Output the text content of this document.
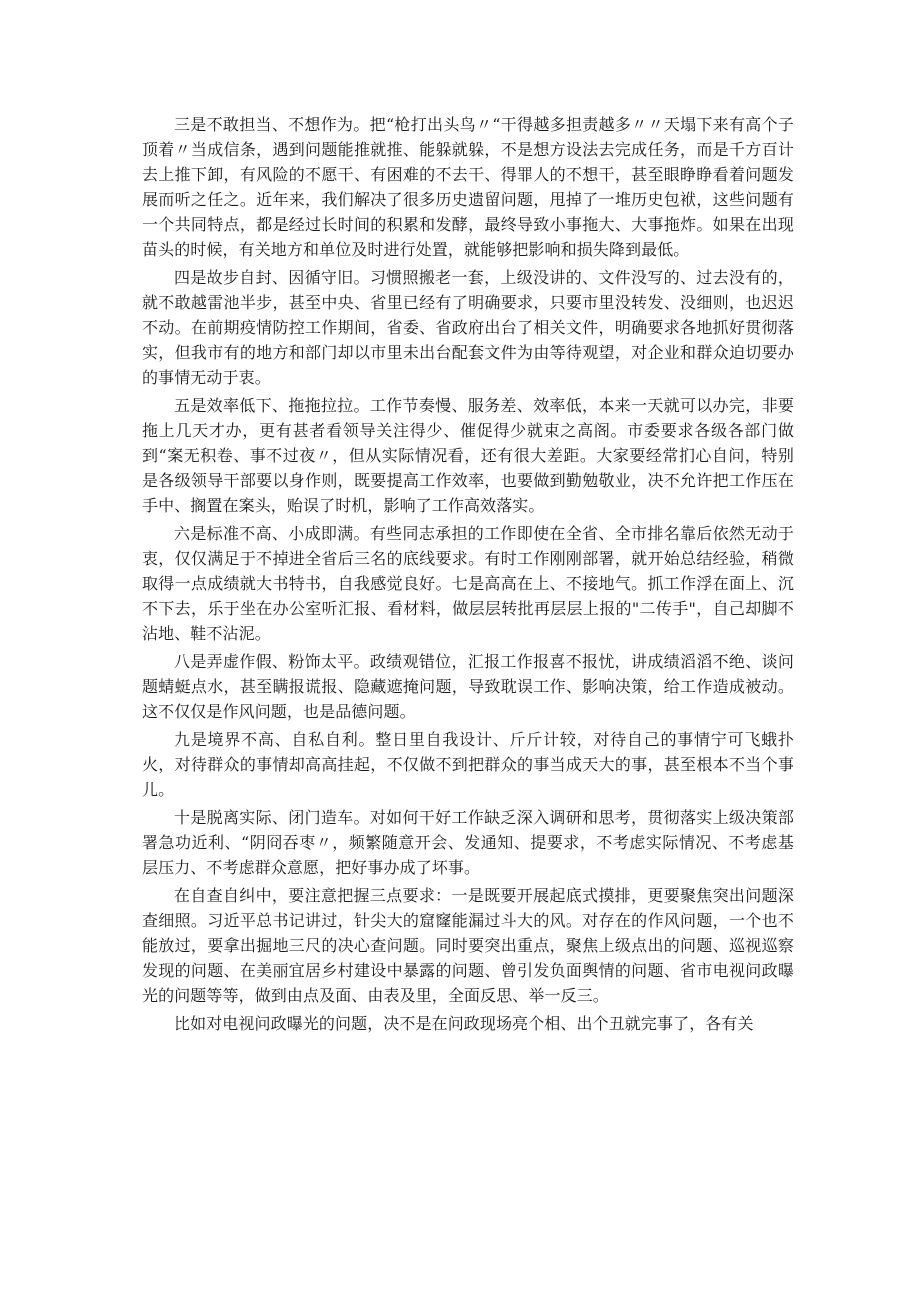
三是不敢担当、不想作为。把“枪打出头鸟〃“干得越多担责越多〃〃天塌下来有高个子顶着〃当成信条，遇到问题能推就推、能躲就躲，不是想方设法去完成任务，而是千方百计去上推下卸，有风险的不愿干、有困难的不去干、得罪人的不想干，甚至眼睁睁看着问题发展而听之任之。近年来，我们解决了很多历史遗留问题，甩掉了一堆历史包袱，这些问题有一个共同特点，都是经过长时间的积累和发酵，最终导致小事拖大、大事拖炸。如果在出现苗头的时候，有关地方和单位及时进行处置，就能够把影响和损失降到最低。

四是故步自封、因循守旧。习惯照搬老一套，上级没讲的、文件没写的、过去没有的，就不敢越雷池半步，甚至中央、省里已经有了明确要求，只要市里没转发、没细则，也迟迟不动。在前期疫情防控工作期间，省委、省政府出台了相关文件，明确要求各地抓好贯彻落实，但我市有的地方和部门却以市里未出台配套文件为由等待观望，对企业和群众迫切要办的事情无动于衷。

五是效率低下、拖拖拉拉。工作节奏慢、服务差、效率低，本来一天就可以办完，非要拖上几天才办，更有甚者看领导关注得少、催促得少就束之高阁。市委要求各级各部门做到“案无积卷、事不过夜〃，但从实际情况看，还有很大差距。大家要经常扪心自问，特别是各级领导干部要以身作则，既要提高工作效率，也要做到勤勉敬业，决不允许把工作压在手中、搁置在案头，贻误了时机，影响了工作高效落实。

六是标准不高、小成即满。有些同志承担的工作即使在全省、全市排名靠后依然无动于衷，仅仅满足于不掉进全省后三名的底线要求。有时工作刚刚部署，就开始总结经验，稍微取得一点成绩就大书特书，自我感觉良好。七是高高在上、不接地气。抓工作浮在面上、沉不下去，乐于坐在办公室听汇报、看材料，做层层转批再层层上报的"二传手"，自己却脚不沾地、鞋不沾泥。

八是弄虚作假、粉饰太平。政绩观错位，汇报工作报喜不报忧，讲成绩滔滔不绝、谈问题蜻蜓点水，甚至瞒报谎报、隐藏遮掩问题，导致耽误工作、影响决策，给工作造成被动。这不仅仅是作风问题，也是品德问题。

九是境界不高、自私自利。整日里自我设计、斤斤计较，对待自己的事情宁可飞蛾扑火，对待群众的事情却高高挂起，不仅做不到把群众的事当成天大的事，甚至根本不当个事儿。

十是脱离实际、闭门造车。对如何干好工作缺乏深入调研和思考，贯彻落实上级决策部署急功近利、“阴冏吞枣〃，频繁随意开会、发通知、提要求，不考虑实际情况、不考虑基层压力、不考虑群众意愿，把好事办成了坏事。

在自查自纠中，要注意把握三点要求：一是既要开展起底式摸排，更要聚焦突出问题深查细照。习近平总书记讲过，针尖大的窟窿能漏过斗大的风。对存在的作风问题，一个也不能放过，要拿出掘地三尺的决心查问题。同时要突出重点，聚焦上级点出的问题、巡视巡察发现的问题、在美丽宜居乡村建设中暴露的问题、曾引发负面舆情的问题、省市电视问政曝光的问题等等，做到由点及面、由表及里，全面反思、举一反三。

比如对电视问政曝光的问题，决不是在问政现场亮个相、出个丑就完事了，各有关
